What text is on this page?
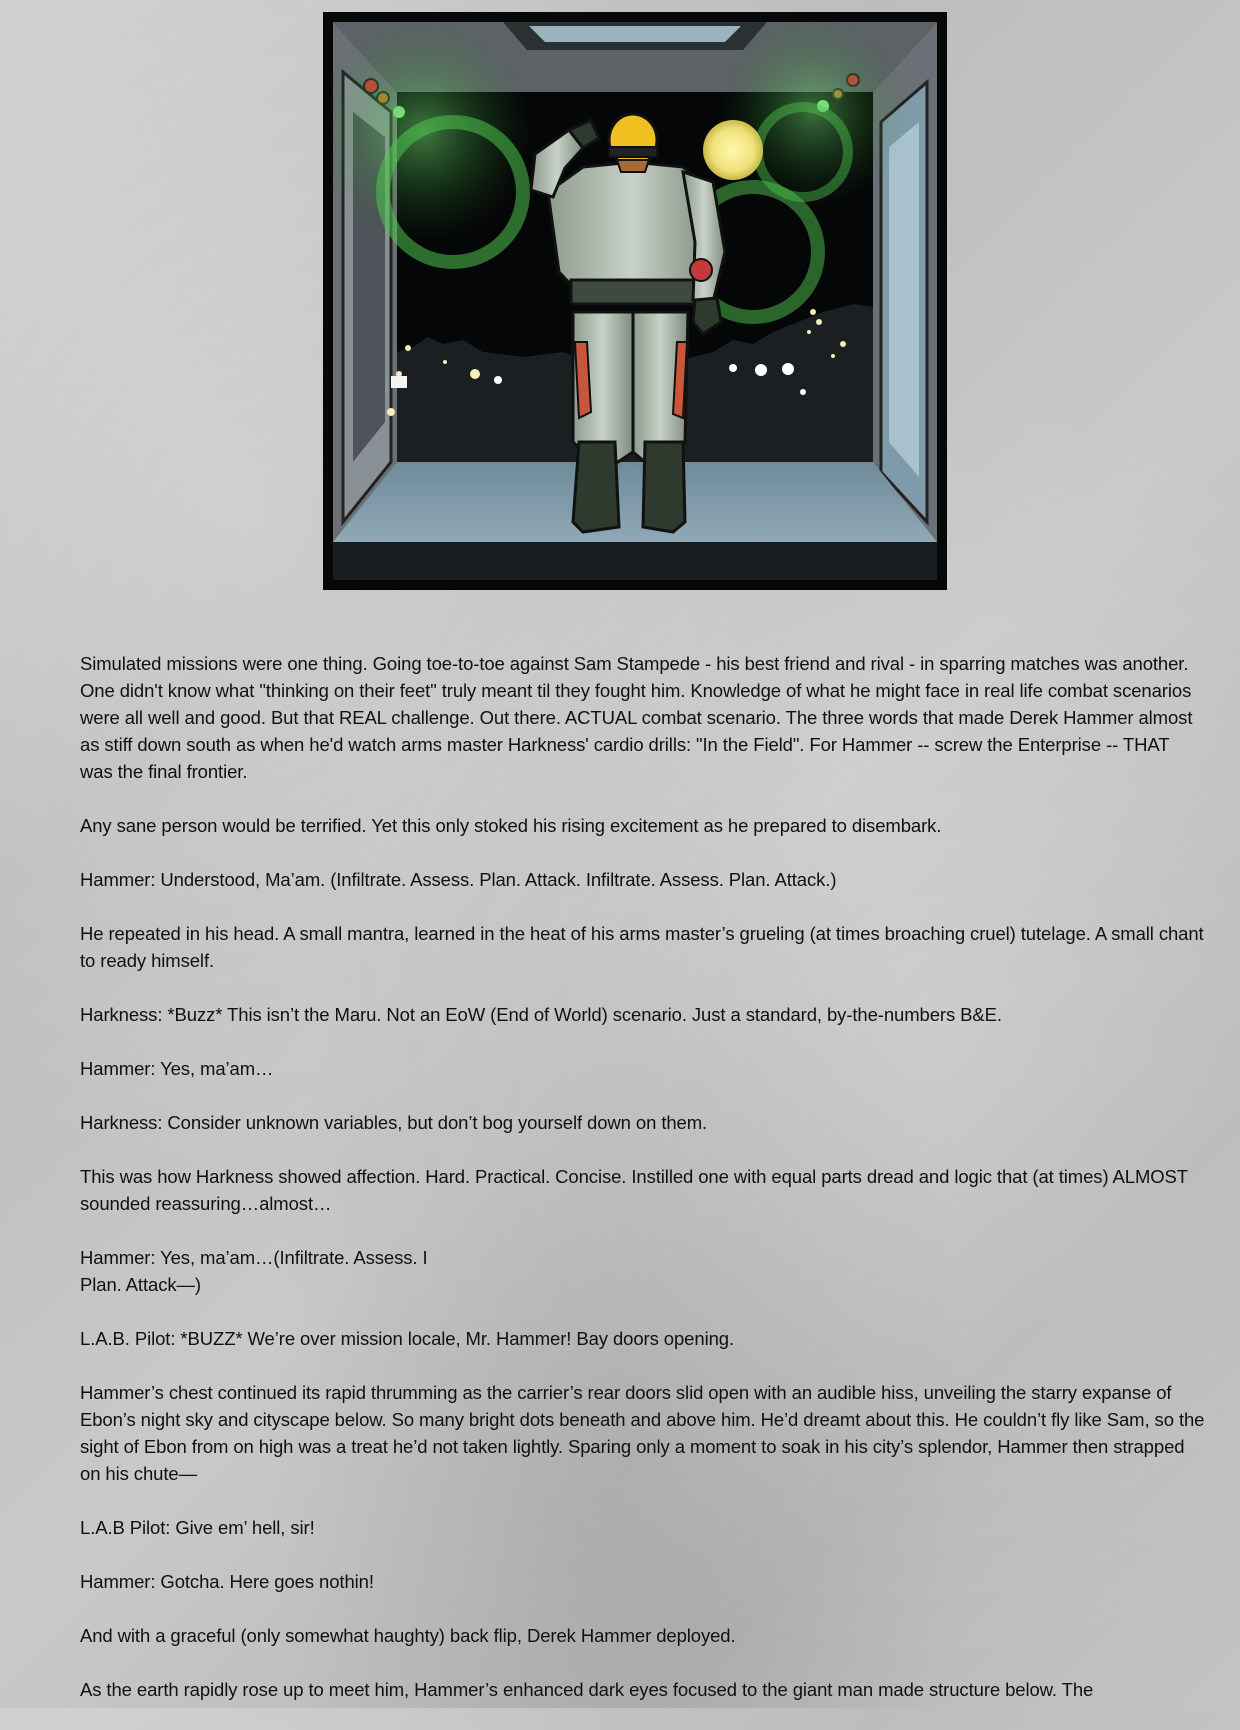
Simulated missions were one thing. Going toe-to-toe against Sam Stampede - his best friend and rival - in sparring matches was another. One didn't know what "thinking on their feet" truly meant til they fought him. Knowledge of what he might face in real life combat scenarios were all well and good. But that REAL challenge. Out there. ACTUAL combat scenario. The three words that made Derek Hammer almost as stiff down south as when he'd watch arms master Harkness' cardio drills: "In the Field". For Hammer -- screw the Enterprise -- THAT was the final frontier.

Any sane person would be terrified. Yet this only stoked his rising excitement as he prepared to disembark.

Hammer: Understood, Ma’am. (Infiltrate. Assess. Plan. Attack. Infiltrate. Assess. Plan. Attack.)

He repeated in his head. A small mantra, learned in the heat of his arms master’s grueling (at times broaching cruel) tutelage. A small chant to ready himself.

Harkness: *Buzz* This isn’t the Maru. Not an EoW (End of World) scenario. Just a standard, by-the-numbers B&E.

Hammer: Yes, ma’am…

Harkness: Consider unknown variables, but don’t bog yourself down on them.

This was how Harkness showed affection. Hard. Practical. Concise. Instilled one with equal parts dread and logic that (at times) ALMOST sounded reassuring…almost…

Hammer: Yes, ma’am…(Infiltrate. Assess. I
Plan. Attack—)

L.A.B. Pilot: *BUZZ* We’re over mission locale, Mr. Hammer! Bay doors opening.

Hammer’s chest continued its rapid thrumming as the carrier’s rear doors slid open with an audible hiss, unveiling the starry expanse of Ebon’s night sky and cityscape below. So many bright dots beneath and above him. He’d dreamt about this. He couldn’t fly like Sam, so the sight of Ebon from on high was a treat he’d not taken lightly. Sparing only a moment to soak in his city’s splendor, Hammer then strapped on his chute—

L.A.B Pilot: Give em’ hell, sir!

Hammer: Gotcha. Here goes nothin!

And with a graceful (only somewhat haughty) back flip, Derek Hammer deployed.

As the earth rapidly rose up to meet him, Hammer’s enhanced dark eyes focused to the giant man made structure below. The
